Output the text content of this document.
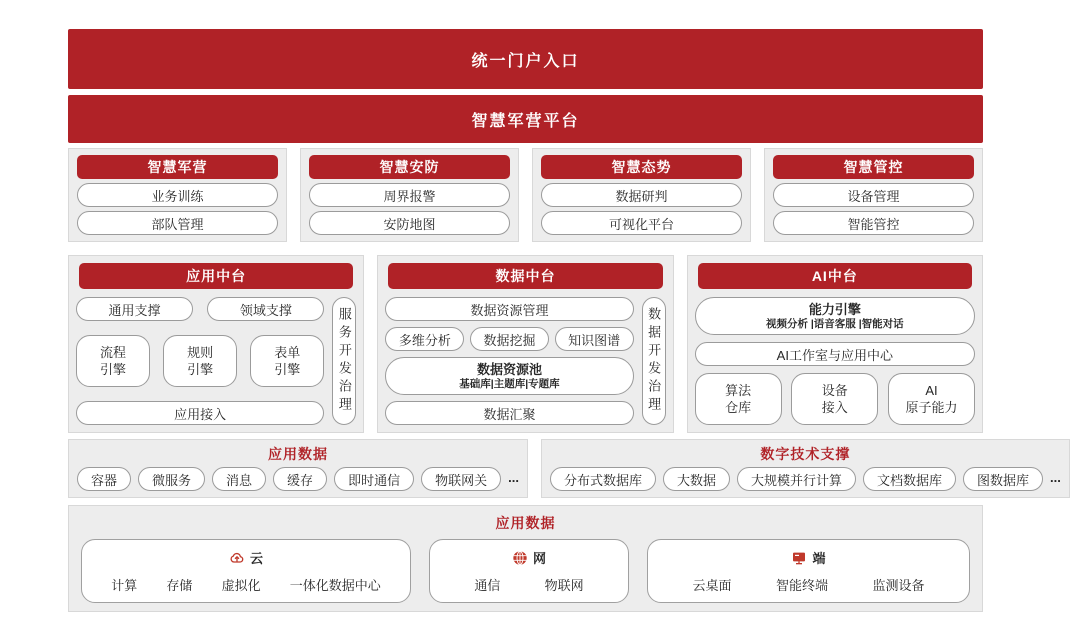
统一门户入口
智慧军营平台
智慧军营
业务训练
部队管理
智慧安防
周界报警
安防地图
智慧态势
数据研判
可视化平台
智慧管控
设备管理
智能管控
应用中台
通用支撑	领域支撑
流程
引擎
规则
引擎
表单
引擎
应用接入	服务开发治理
数据中台
数据资源管理
多维分析	数据挖掘	知识图谱
数据资源池
基础库|主题库|专题库
数据汇聚	数据开发治理
AI中台
能力引擎
视频分析 |语音客服 |智能对话
AI工作室与应用中心
算法
仓库
设备
接入
AI
原子能力
应用数据
容器	微服务	消息	缓存	即时通信	物联网关	...
数字技术支撑
分布式数据库	大数据	大规模并行计算	文档数据库	图数据库	...
应用数据
云
计算 存储 虚拟化 一体化数据中心
网
通信	物联网
端
云桌面	智能终端	监测设备
